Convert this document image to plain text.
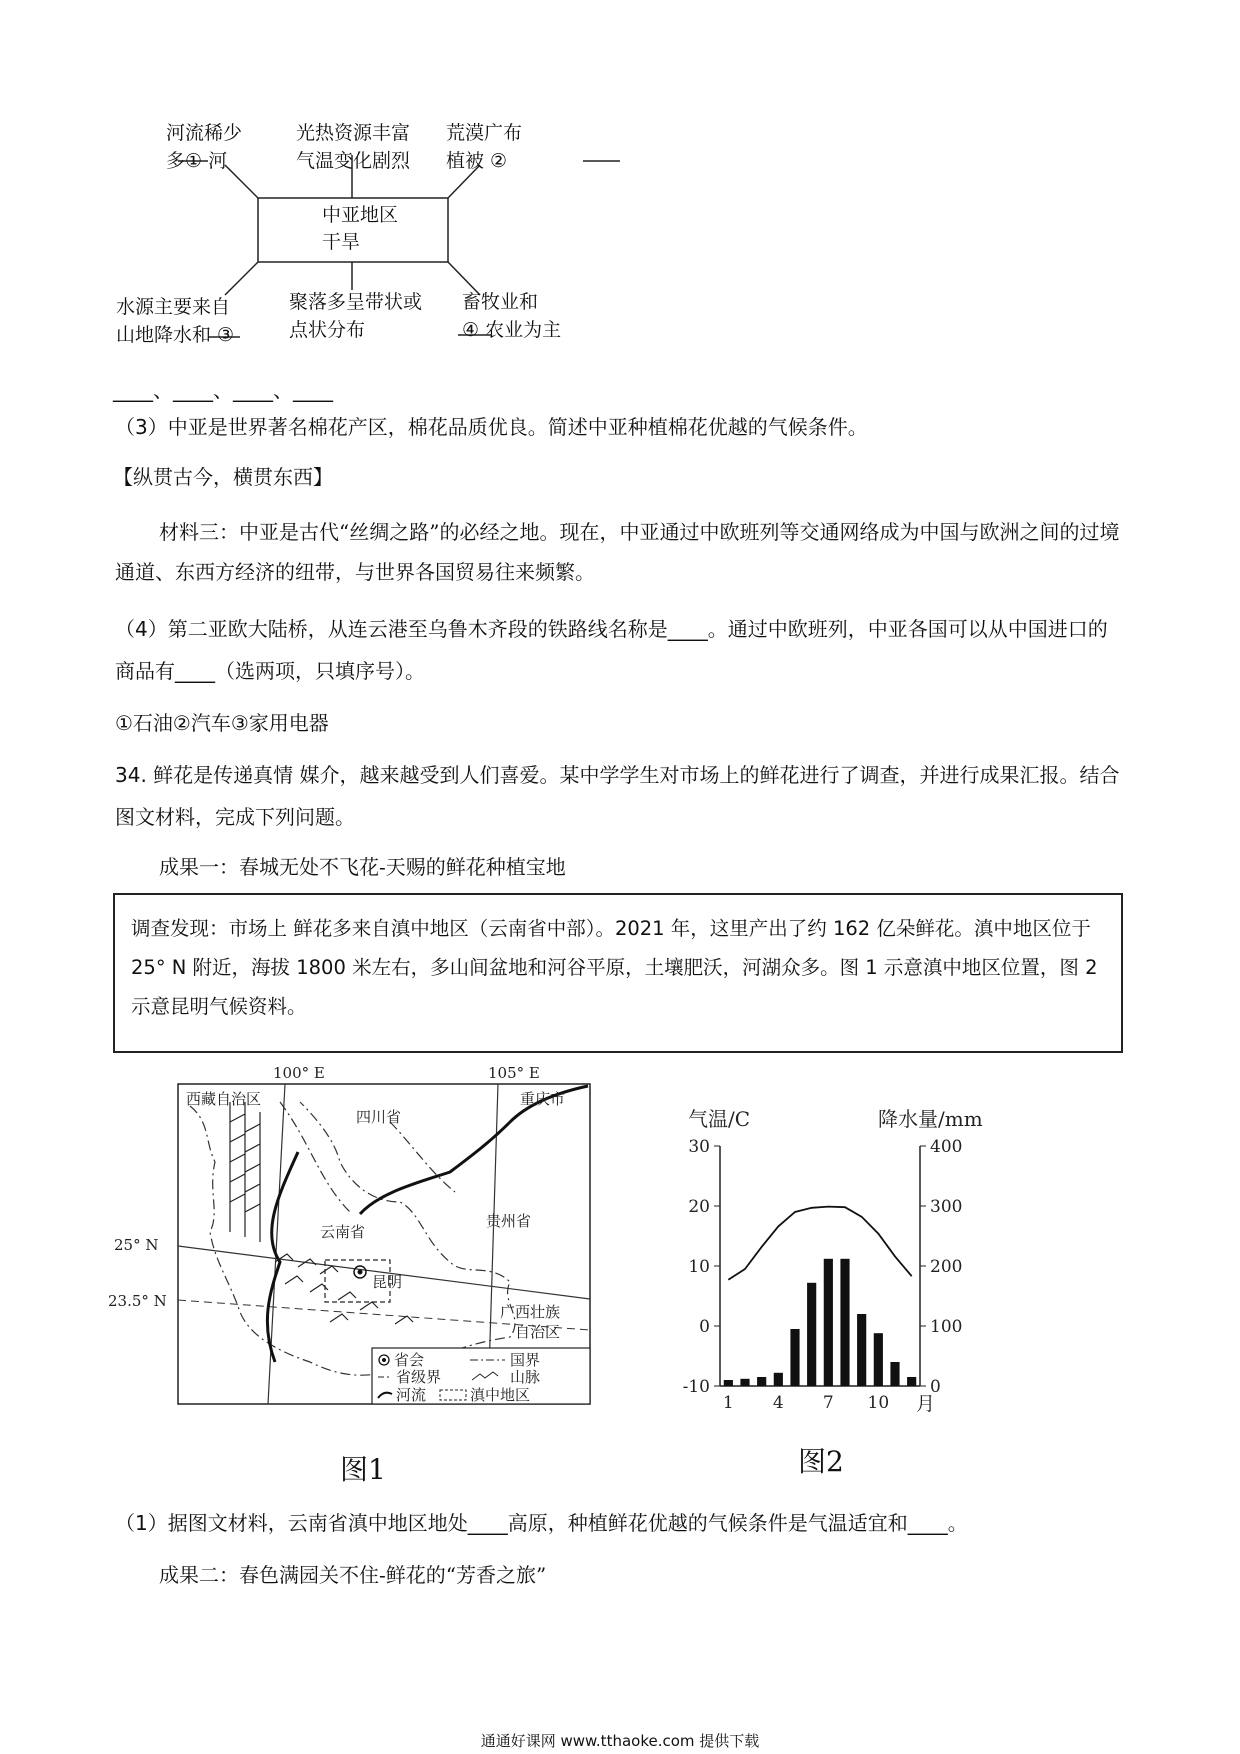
中亚地区
干旱
河流稀少
多① 河
光热资源丰富
气温变化剧烈
荒漠广布
植被 ②
水源主要来自
山地降水和 ③
聚落多呈带状或
点状分布
畜牧业和
④ 农业为主
____、____、____、____
（3）中亚是世界著名棉花产区，棉花品质优良。简述中亚种植棉花优越的气候条件。
【纵贯古今，横贯东西】
材料三：中亚是古代“丝绸之路”的必经之地。现在，中亚通过中欧班列等交通网络成为中国与欧洲之间的过境通道、东西方经济的纽带，与世界各国贸易往来频繁。
（4）第二亚欧大陆桥，从连云港至乌鲁木齐段的铁路线名称是____。通过中欧班列，中亚各国可以从中国进口的商品有____（选两项，只填序号）。
①石油②汽车③家用电器
34. 鲜花是传递真情 媒介，越来越受到人们喜爱。某中学学生对市场上的鲜花进行了调查，并进行成果汇报。结合图文材料，完成下列问题。
成果一：春城无处不飞花-天赐的鲜花种植宝地
调查发现：市场上 鲜花多来自滇中地区（云南省中部）。2021 年，这里产出了约 162 亿朵鲜花。滇中地区位于 25° N 附近，海拔 1800 米左右，多山间盆地和河谷平原，土壤肥沃，河湖众多。图 1 示意滇中地区位置，图 2 示意昆明气候资料。
100° E	105° E
25° N
23.5° N
西藏自治区
四川省
重庆市
云南省
贵州省
昆明
广西壮族
自治区
省会	国界
省级界	山脉
河流	滇中地区
图1
气温/C	降水量/mm
30
20
10
0
-10
400
300
200
100
0
1 4 7 10 月
图2
（1）据图文材料，云南省滇中地区地处____高原，种植鲜花优越的气候条件是气温适宜和____。
成果二：春色满园关不住-鲜花的“芳香之旅”
通通好课网 www.tthaoke.com 提供下载
